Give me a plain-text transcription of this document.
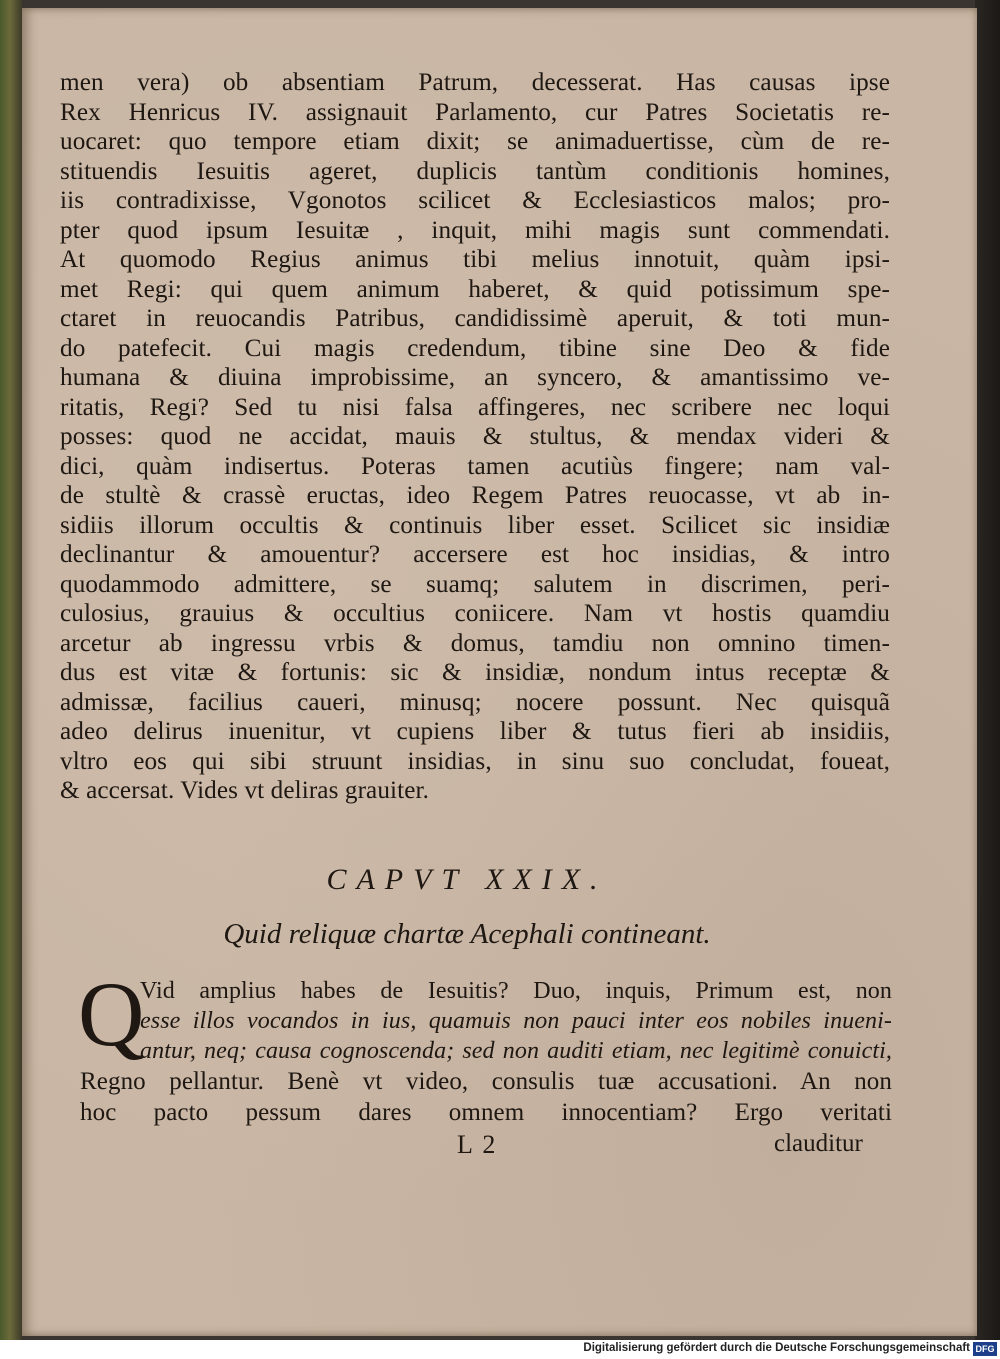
men vera) ob absentiam Patrum, decesserat. Has causas ipse
Rex Henricus IV. assignauit Parlamento, cur Patres Societatis re-
uocaret: quo tempore etiam dixit; se animaduertisse, cùm de re-
stituendis Iesuitis ageret, duplicis tantùm conditionis homines,
iis contradixisse, Vgonotos scilicet & Ecclesiasticos malos; pro-
pter quod ipsum Iesuitæ , inquit, mihi magis sunt commendati.
At quomodo Regius animus tibi melius innotuit, quàm ipsi-
met Regi: qui quem animum haberet, & quid potissimum spe-
ctaret in reuocandis Patribus, candidissimè aperuit, & toti mun-
do patefecit. Cui magis credendum, tibine sine Deo & fide
humana & diuina improbissime, an syncero, & amantissimo ve-
ritatis, Regi? Sed tu nisi falsa affingeres, nec scribere nec loqui
posses: quod ne accidat, mauis & stultus, & mendax videri &
dici, quàm indisertus. Poteras tamen acutiùs fingere; nam val-
de stultè & crassè eructas, ideo Regem Patres reuocasse, vt ab in-
sidiis illorum occultis & continuis liber esset. Scilicet sic insidiæ
declinantur & amouentur? accersere est hoc insidias, & intro
quodammodo admittere, se suamq; salutem in discrimen, peri-
culosius, grauius & occultius coniicere. Nam vt hostis quamdiu
arcetur ab ingressu vrbis & domus, tamdiu non omnino timen-
dus est vitæ & fortunis: sic & insidiæ, nondum intus receptæ &
admissæ, facilius caueri, minusq; nocere possunt. Nec quisquã
adeo delirus inuenitur, vt cupiens liber & tutus fieri ab insidiis,
vltro eos qui sibi struunt insidias, in sinu suo concludat, foueat,
& accersat. Vides vt deliras grauiter.
CAPVT XXIX.
Quid reliquæ chartæ Acephali contineant.
Q
Vid amplius habes de Iesuitis? Duo, inquis, Primum est, non
esse illos vocandos in ius, quamuis non pauci inter eos nobiles inueni-
antur, neq; causa cognoscenda; sed non auditi etiam, nec legitimè conuicti,
Regno pellantur. Benè vt video, consulis tuæ accusationi. An non
hoc pacto pessum dares omnem innocentiam? Ergo veritati
L 2	clauditur
Digitalisierung gefördert durch die Deutsche Forschungsgemeinschaft DFG
